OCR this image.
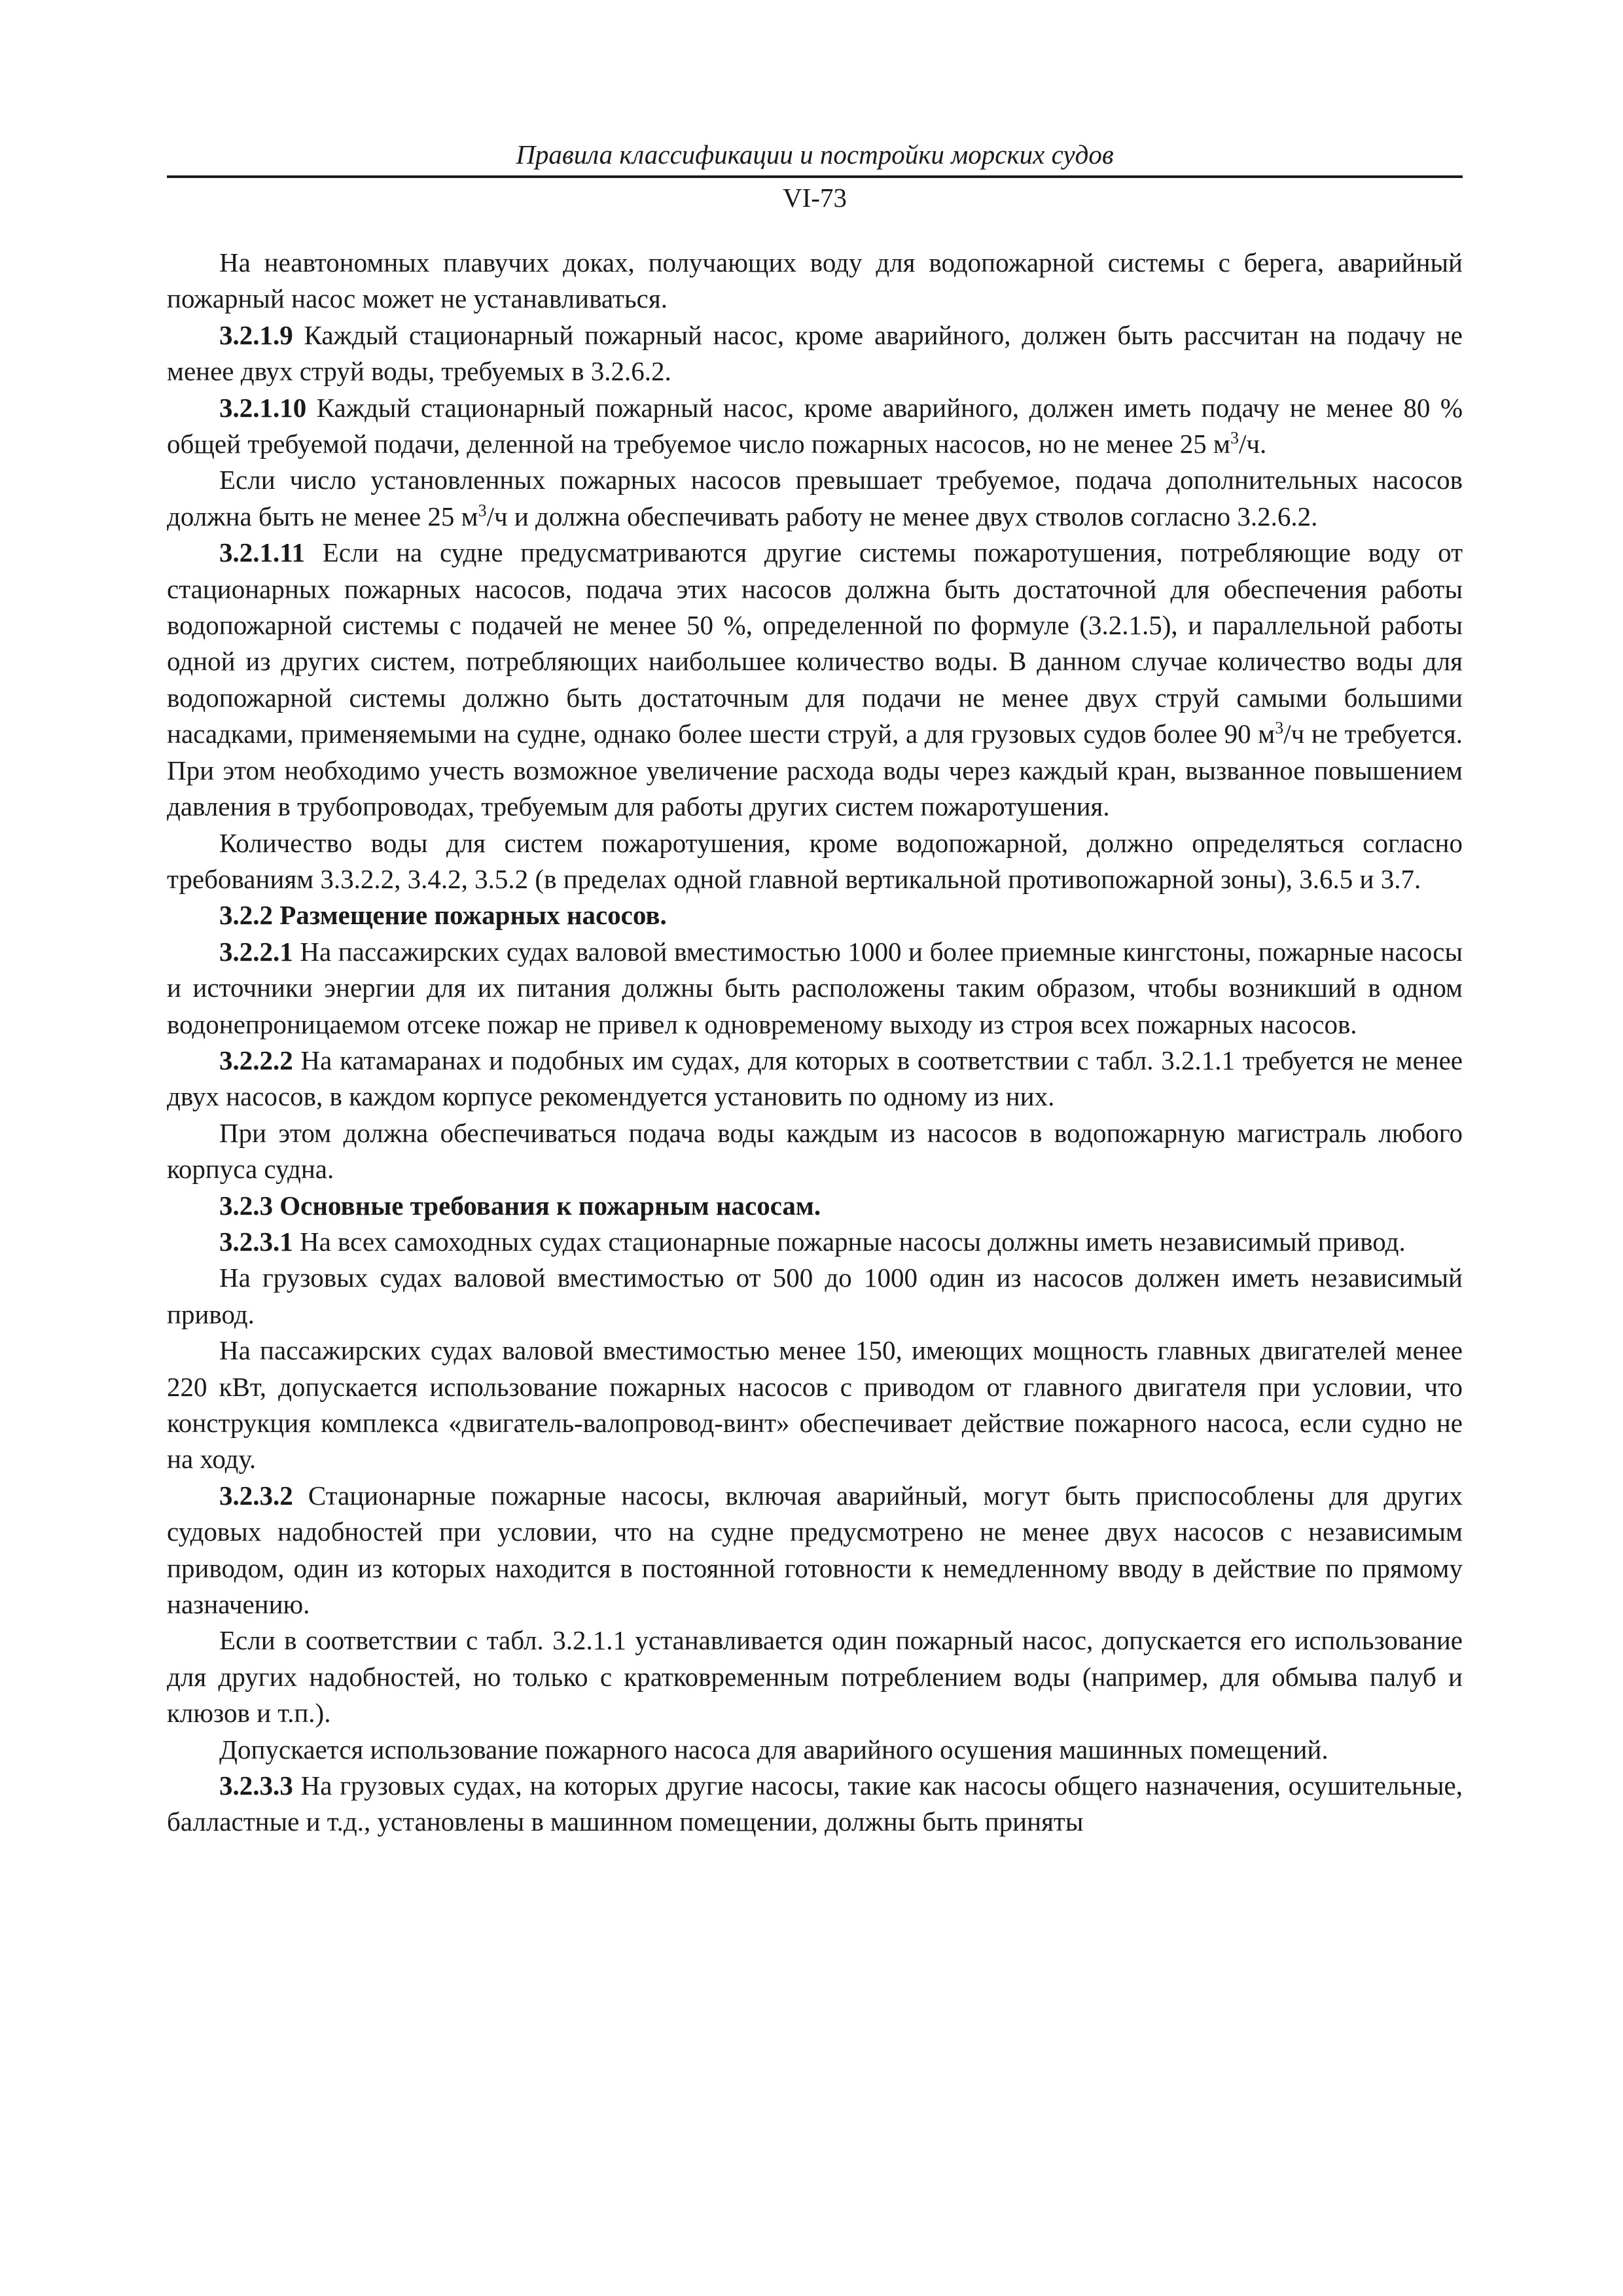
Правила классификации и постройки морских судов
VI-73

На неавтономных плавучих доках, получающих воду для водопожарной системы с берега, аварийный пожарный насос может не устанавливаться.

3.2.1.9 Каждый стационарный пожарный насос, кроме аварийного, должен быть рассчитан на подачу не менее двух струй воды, требуемых в 3.2.6.2.

3.2.1.10 Каждый стационарный пожарный насос, кроме аварийного, должен иметь подачу не менее 80 % общей требуемой подачи, деленной на требуемое число пожарных насосов, но не менее 25 $м^3/ч$.

Если число установленных пожарных насосов превышает требуемое, подача дополнительных насосов должна быть не менее 25 $м^3/ч$ и должна обеспечивать работу не менее двух стволов согласно 3.2.6.2.

3.2.1.11 Если на судне предусматриваются другие системы пожаротушения, потребляющие воду от стационарных пожарных насосов, подача этих насосов должна быть достаточной для обеспечения работы водопожарной системы с подачей не менее 50 %, определенной по формуле (3.2.1.5), и параллельной работы одной из других систем, потребляющих наибольшее количество воды. В данном случае количество воды для водопожарной системы должно быть достаточным для подачи не менее двух струй самыми большими насадками, применяемыми на судне, однако более шести струй, а для грузовых судов более 90 $м^3/ч$ не требуется. При этом необходимо учесть возможное увеличение расхода воды через каждый кран, вызванное повышением давления в трубопроводах, требуемым для работы других систем пожаротушения.

Количество воды для систем пожаротушения, кроме водопожарной, должно определяться согласно требованиям 3.3.2.2, 3.4.2, 3.5.2 (в пределах одной главной вертикальной противопожарной зоны), 3.6.5 и 3.7.

3.2.2 Размещение пожарных насосов.

3.2.2.1 На пассажирских судах валовой вместимостью 1000 и более приемные кингстоны, пожарные насосы и источники энергии для их питания должны быть расположены таким образом, чтобы возникший в одном водонепроницаемом отсеке пожар не привел к одновременому выходу из строя всех пожарных насосов.

3.2.2.2 На катамаранах и подобных им судах, для которых в соответствии с табл. 3.2.1.1 требуется не менее двух насосов, в каждом корпусе рекомендуется установить по одному из них.

При этом должна обеспечиваться подача воды каждым из насосов в водопожарную магистраль любого корпуса судна.

3.2.3 Основные требования к пожарным насосам.

3.2.3.1 На всех самоходных судах стационарные пожарные насосы должны иметь независимый привод.

На грузовых судах валовой вместимостью от 500 до 1000 один из насосов должен иметь независимый привод.

На пассажирских судах валовой вместимостью менее 150, имеющих мощность главных двигателей менее 220 кВт, допускается использование пожарных насосов с приводом от главного двигателя при условии, что конструкция комплекса «двигатель-валопровод-винт» обеспечивает действие пожарного насоса, если судно не на ходу.

3.2.3.2 Стационарные пожарные насосы, включая аварийный, могут быть приспособлены для других судовых надобностей при условии, что на судне предусмотрено не менее двух насосов с независимым приводом, один из которых находится в постоянной готовности к немедленному вводу в действие по прямому назначению.

Если в соответствии с табл. 3.2.1.1 устанавливается один пожарный насос, допускается его использование для других надобностей, но только с кратковременным потреблением воды (например, для обмыва палуб и клюзов и т.п.).

Допускается использование пожарного насоса для аварийного осушения машинных помещений.

3.2.3.3 На грузовых судах, на которых другие насосы, такие как насосы общего назначения, осушительные, балластные и т.д., установлены в машинном помещении, должны быть приняты
